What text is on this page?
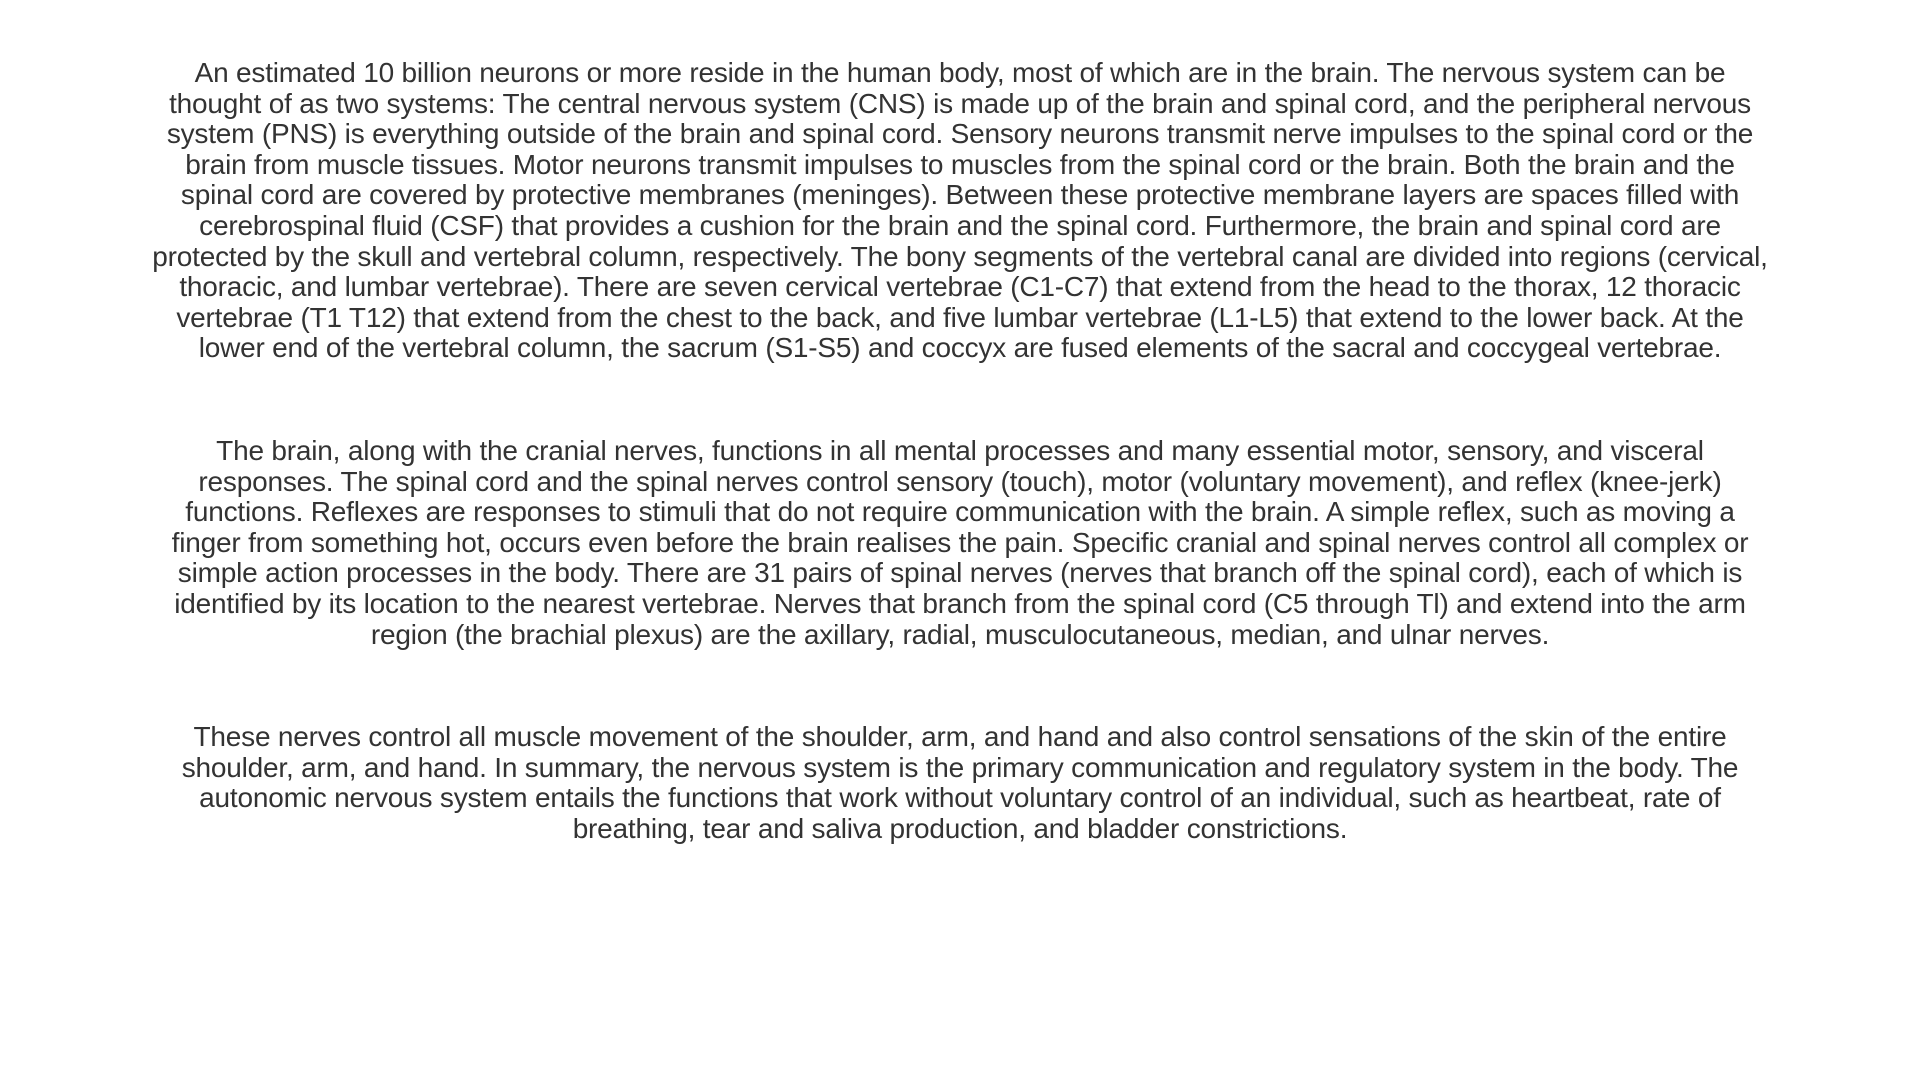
An estimated 10 billion neurons or more reside in the human body, most of which are in the brain. The nervous system can be thought of as two systems: The central nervous system (CNS) is made up of the brain and spinal cord, and the peripheral nervous system (PNS) is everything outside of the brain and spinal cord. Sensory neurons transmit nerve impulses to the spinal cord or the brain from muscle tissues. Motor neurons transmit impulses to muscles from the spinal cord or the brain. Both the brain and the spinal cord are covered by protective membranes (meninges). Between these protective membrane layers are spaces filled with cerebrospinal fluid (CSF) that provides a cushion for the brain and the spinal cord. Furthermore, the brain and spinal cord are protected by the skull and vertebral column, respectively. The bony segments of the vertebral canal are divided into regions (cervical, thoracic, and lumbar vertebrae). There are seven cervical vertebrae (C1-C7) that extend from the head to the thorax, 12 thoracic vertebrae (T1 T12) that extend from the chest to the back, and five lumbar vertebrae (L1-L5) that extend to the lower back. At the lower end of the vertebral column, the sacrum (S1-S5) and coccyx are fused elements of the sacral and coccygeal vertebrae.

The brain, along with the cranial nerves, functions in all mental processes and many essential motor, sensory, and visceral responses. The spinal cord and the spinal nerves control sensory (touch), motor (voluntary movement), and reflex (knee-jerk) functions. Reflexes are responses to stimuli that do not require communication with the brain. A simple reflex, such as moving a finger from something hot, occurs even before the brain realises the pain. Specific cranial and spinal nerves control all complex or simple action processes in the body. There are 31 pairs of spinal nerves (nerves that branch off the spinal cord), each of which is identified by its location to the nearest vertebrae. Nerves that branch from the spinal cord (C5 through Tl) and extend into the arm region (the brachial plexus) are the axillary, radial, musculocutaneous, median, and ulnar nerves.

These nerves control all muscle movement of the shoulder, arm, and hand and also control sensations of the skin of the entire shoulder, arm, and hand. In summary, the nervous system is the primary communication and regulatory system in the body. The autonomic nervous system entails the functions that work without voluntary control of an individual, such as heartbeat, rate of breathing, tear and saliva production, and bladder constrictions.
